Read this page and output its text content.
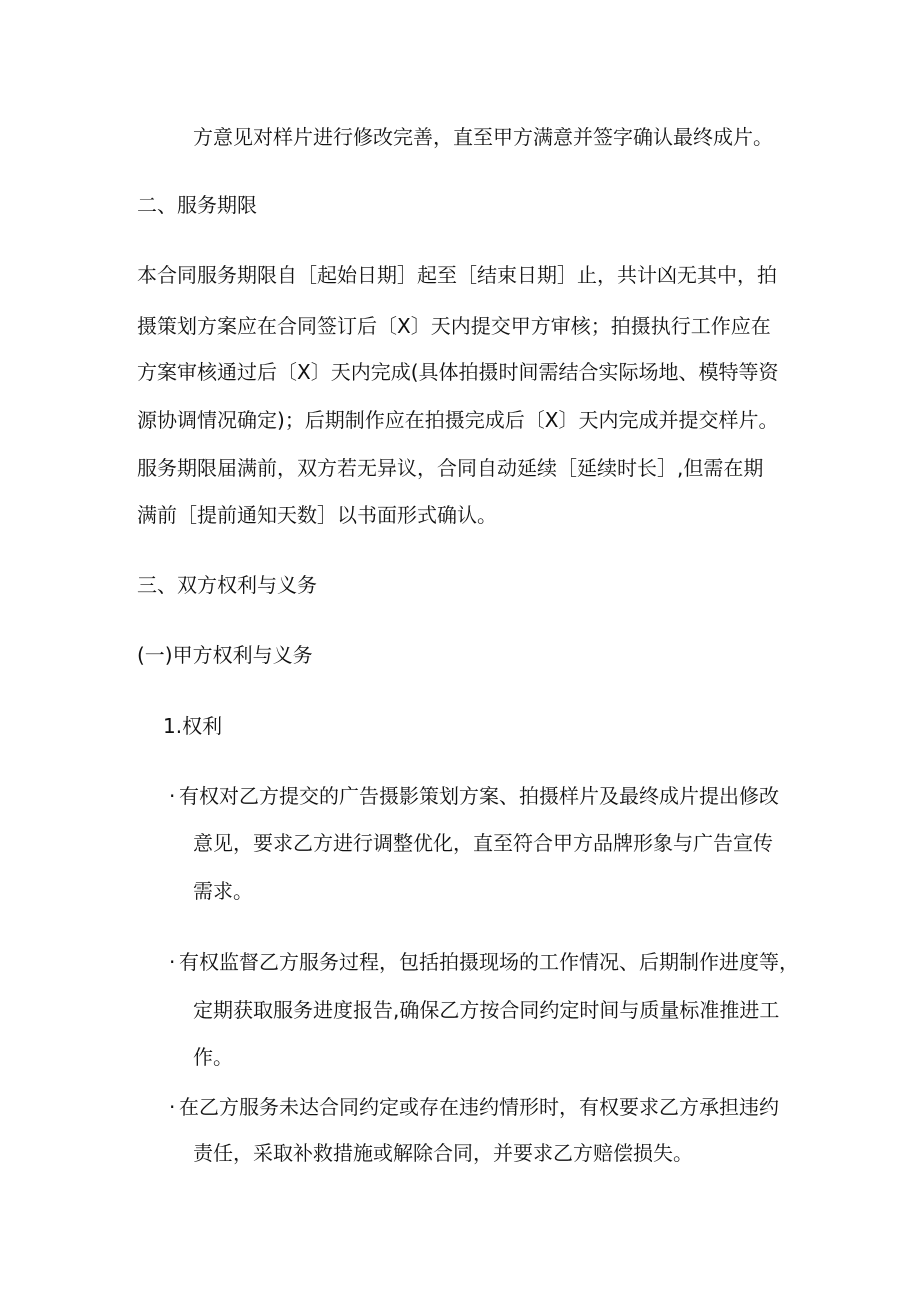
方意见对样片进行修改完善，直至甲方满意并签字确认最终成片。
二、服务期限
本合同服务期限自［起始日期］起至［结束日期］止，共计凶无其中，拍
摄策划方案应在合同签订后〔X〕天内提交甲方审核；拍摄执行工作应在
方案审核通过后〔X〕天内完成(具体拍摄时间需结合实际场地、模特等资
源协调情况确定)；后期制作应在拍摄完成后〔X〕天内完成并提交样片。
服务期限届满前，双方若无异议，合同自动延续［延续时长］,但需在期
满前［提前通知天数］以书面形式确认。
三、双方权利与义务
(一)甲方权利与义务
1.权利
· 有权对乙方提交的广告摄影策划方案、拍摄样片及最终成片提出修改
意见，要求乙方进行调整优化，直至符合甲方品牌形象与广告宣传
需求。
· 有权监督乙方服务过程，包括拍摄现场的工作情况、后期制作进度等，
定期获取服务进度报告,确保乙方按合同约定时间与质量标准推进工
作。
· 在乙方服务未达合同约定或存在违约情形时，有权要求乙方承担违约
责任，采取补救措施或解除合同，并要求乙方赔偿损失。
